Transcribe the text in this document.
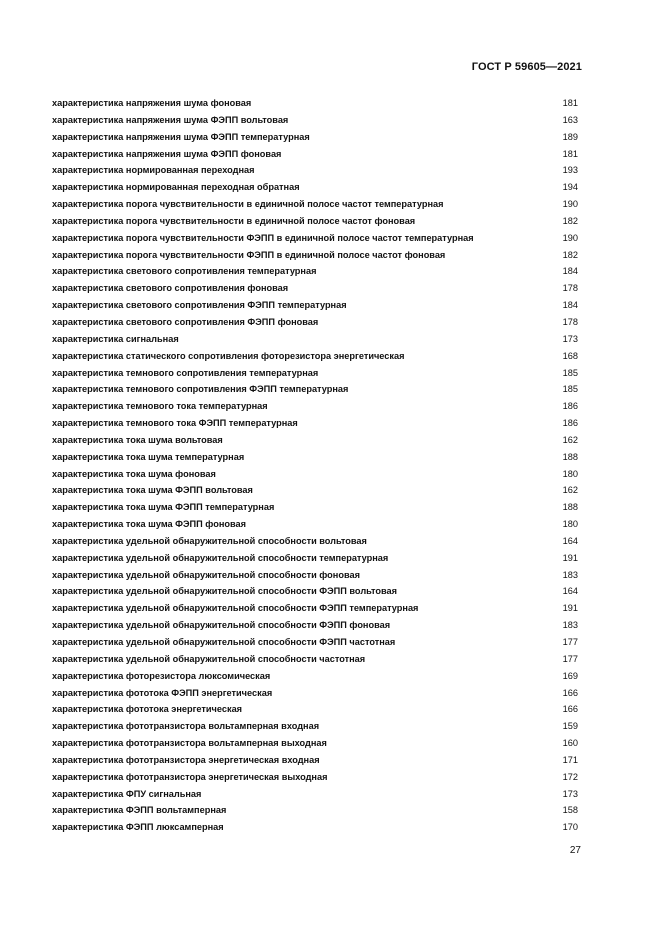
ГОСТ Р 59605—2021
характеристика напряжения шума фоновая	181
характеристика напряжения шума ФЭПП вольтовая	163
характеристика напряжения шума ФЭПП температурная	189
характеристика напряжения шума ФЭПП фоновая	181
характеристика нормированная переходная	193
характеристика нормированная переходная обратная	194
характеристика порога чувствительности в единичной полосе частот температурная	190
характеристика порога чувствительности в единичной полосе частот фоновая	182
характеристика порога чувствительности ФЭПП в единичной полосе частот температурная	190
характеристика порога чувствительности ФЭПП в единичной полосе частот фоновая	182
характеристика светового сопротивления температурная	184
характеристика светового сопротивления фоновая	178
характеристика светового сопротивления ФЭПП температурная	184
характеристика светового сопротивления ФЭПП фоновая	178
характеристика сигнальная	173
характеристика статического сопротивления фоторезистора энергетическая	168
характеристика темнового сопротивления температурная	185
характеристика темнового сопротивления ФЭПП температурная	185
характеристика темнового тока температурная	186
характеристика темнового тока ФЭПП температурная	186
характеристика тока шума вольтовая	162
характеристика тока шума температурная	188
характеристика тока шума фоновая	180
характеристика тока шума ФЭПП вольтовая	162
характеристика тока шума ФЭПП температурная	188
характеристика тока шума ФЭПП фоновая	180
характеристика удельной обнаружительной способности вольтовая	164
характеристика удельной обнаружительной способности температурная	191
характеристика удельной обнаружительной способности фоновая	183
характеристика удельной обнаружительной способности ФЭПП вольтовая	164
характеристика удельной обнаружительной способности ФЭПП температурная	191
характеристика удельной обнаружительной способности ФЭПП фоновая	183
характеристика удельной обнаружительной способности ФЭПП частотная	177
характеристика удельной обнаружительной способности частотная	177
характеристика фоторезистора люксомическая	169
характеристика фототока ФЭПП энергетическая	166
характеристика фототока энергетическая	166
характеристика фототранзистора вольтамперная входная	159
характеристика фототранзистора вольтамперная выходная	160
характеристика фототранзистора энергетическая входная	171
характеристика фототранзистора энергетическая выходная	172
характеристика ФПУ сигнальная	173
характеристика ФЭПП вольтамперная	158
характеристика ФЭПП люксамперная	170
27
